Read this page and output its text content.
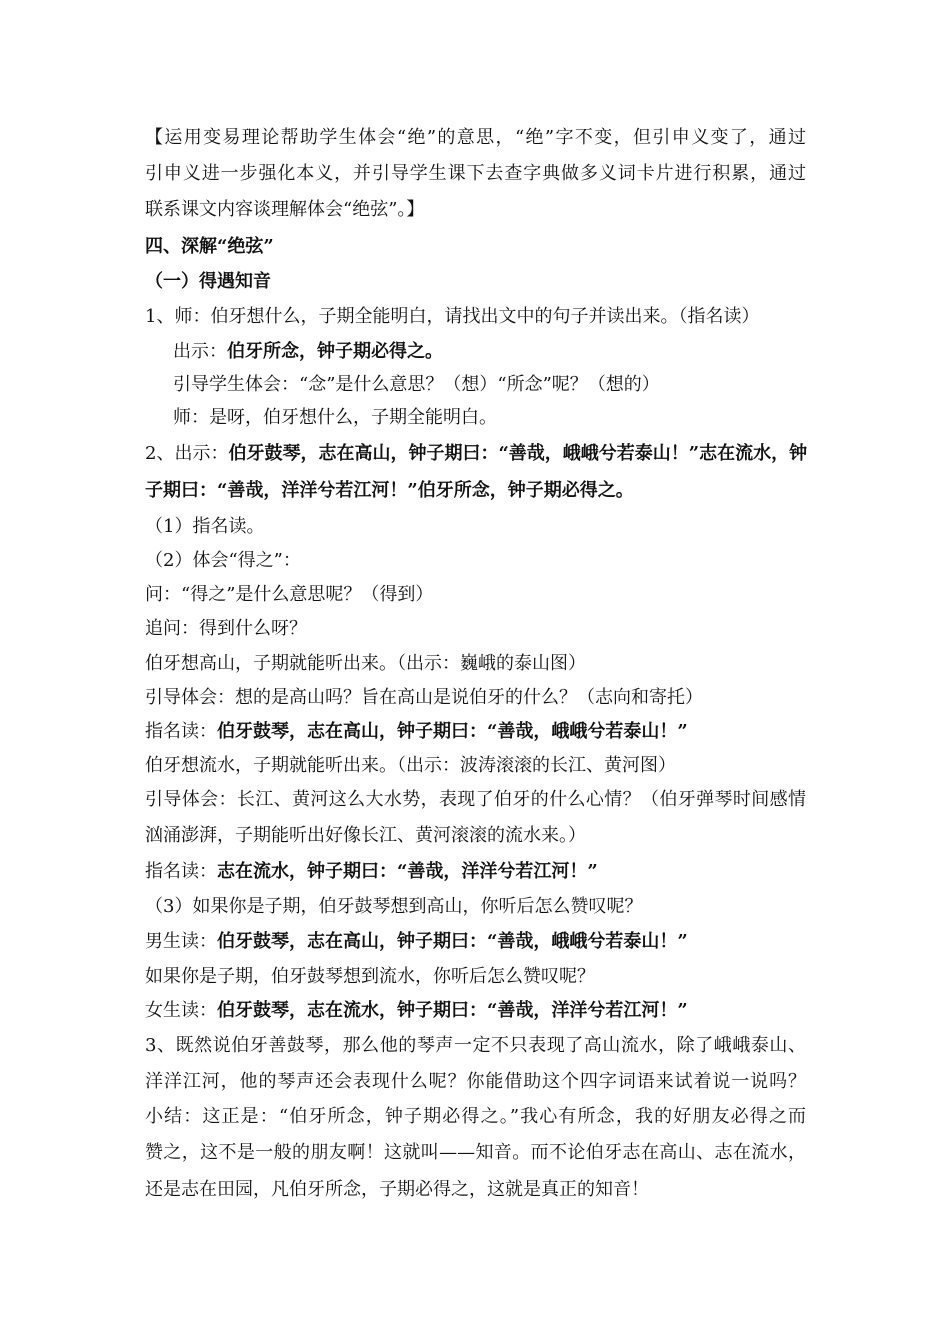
【运用变易理论帮助学生体会“绝”的意思，“绝”字不变，但引申义变了，通过
引申义进一步强化本义，并引导学生课下去查字典做多义词卡片进行积累，通过
联系课文内容谈理解体会“绝弦”。】
四、深解“绝弦”
（一）得遇知音
1、师：伯牙想什么，子期全能明白，请找出文中的句子并读出来。（指名读）
出示：伯牙所念，钟子期必得之。
引导学生体会：“念”是什么意思？（想）“所念”呢？（想的）
师：是呀，伯牙想什么，子期全能明白。
2、出示：伯牙鼓琴，志在高山，钟子期曰：“善哉，峨峨兮若泰山！”志在流水，钟
子期曰：“善哉，洋洋兮若江河！”伯牙所念，钟子期必得之。
（1）指名读。
（2）体会“得之”：
问：“得之”是什么意思呢？（得到）
追问：得到什么呀？
伯牙想高山，子期就能听出来。（出示：巍峨的泰山图）
引导体会：想的是高山吗？旨在高山是说伯牙的什么？（志向和寄托）
指名读：伯牙鼓琴，志在高山，钟子期曰：“善哉，峨峨兮若泰山！”
伯牙想流水，子期就能听出来。（出示：波涛滚滚的长江、黄河图）
引导体会：长江、黄河这么大水势，表现了伯牙的什么心情？（伯牙弹琴时间感情
汹涌澎湃，子期能听出好像长江、黄河滚滚的流水来。）
指名读：志在流水，钟子期曰：“善哉，洋洋兮若江河！”
（3）如果你是子期，伯牙鼓琴想到高山，你听后怎么赞叹呢？
男生读：伯牙鼓琴，志在高山，钟子期曰：“善哉，峨峨兮若泰山！”
如果你是子期，伯牙鼓琴想到流水，你听后怎么赞叹呢？
女生读：伯牙鼓琴，志在流水，钟子期曰：“善哉，洋洋兮若江河！”
3、既然说伯牙善鼓琴，那么他的琴声一定不只表现了高山流水，除了峨峨泰山、
洋洋江河，他的琴声还会表现什么呢？你能借助这个四字词语来试着说一说吗？
小结：这正是：“伯牙所念，钟子期必得之。”我心有所念，我的好朋友必得之而
赞之，这不是一般的朋友啊！这就叫——知音。而不论伯牙志在高山、志在流水，
还是志在田园，凡伯牙所念，子期必得之，这就是真正的知音！
